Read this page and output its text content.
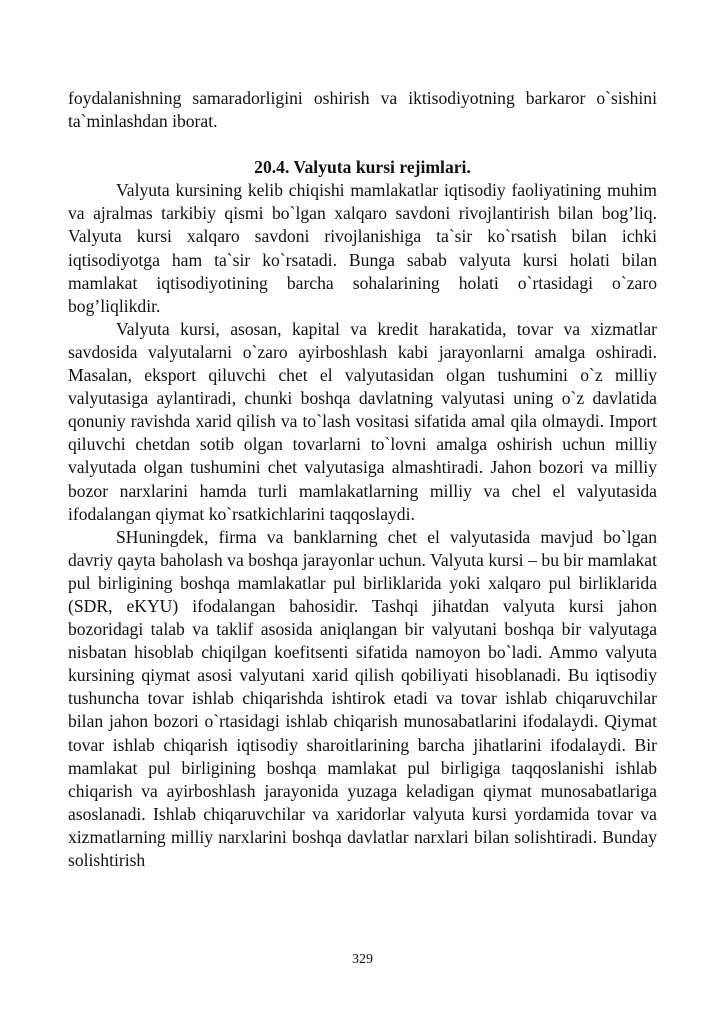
foydalanishning samaradorligini oshirish va iktisodiyotning barkaror o`sishini ta`minlashdan iborat.

20.4. Valyuta kursi rejimlari.

Valyuta kursining kelib chiqishi mamlakatlar iqtisodiy faoliyatining muhim va ajralmas tarkibiy qismi bo`lgan xalqaro savdoni rivojlantirish bilan bog’liq. Valyuta kursi xalqaro savdoni rivojlanishiga ta`sir ko`rsatish bilan ichki iqtisodiyotga ham ta`sir ko`rsatadi. Bunga sabab valyuta kursi holati bilan mamlakat iqtisodiyotining barcha sohalarining holati o`rtasidagi o`zaro bog’liqlikdir.

Valyuta kursi, asosan, kapital va kredit harakatida, tovar va xizmatlar savdosida valyutalarni o`zaro ayirboshlash kabi jarayonlarni amalga oshiradi. Masalan, eksport qiluvchi chet el valyutasidan olgan tushumini o`z milliy valyutasiga aylantiradi, chunki boshqa davlatning valyutasi uning o`z davlatida qonuniy ravishda xarid qilish va to`lash vositasi sifatida amal qila olmaydi. Import qiluvchi chetdan sotib olgan tovarlarni to`lovni amalga oshirish uchun milliy valyutada olgan tushumini chet valyutasiga almashtiradi. Jahon bozori va milliy bozor narxlarini hamda turli mamlakatlarning milliy va chel el valyutasida ifodalangan qiymat ko`rsatkichlarini taqqoslaydi.

SHuningdek, firma va banklarning chet el valyutasida mavjud bo`lgan davriy qayta baholash va boshqa jarayonlar uchun. Valyuta kursi – bu bir mamlakat pul birligining boshqa mamlakatlar pul birliklarida yoki xalqaro pul birliklarida (SDR, eKYU) ifodalangan bahosidir. Tashqi jihatdan valyuta kursi jahon bozoridagi talab va taklif asosida aniqlangan bir valyutani boshqa bir valyutaga nisbatan hisoblab chiqilgan koefitsenti sifatida namoyon bo`ladi. Ammo valyuta kursining qiymat asosi valyutani xarid qilish qobiliyati hisoblanadi. Bu iqtisodiy tushuncha tovar ishlab chiqarishda ishtirok etadi va tovar ishlab chiqaruvchilar bilan jahon bozori o`rtasidagi ishlab chiqarish munosabatlarini ifodalaydi. Qiymat tovar ishlab chiqarish iqtisodiy sharoitlarining barcha jihatlarini ifodalaydi. Bir mamlakat pul birligining boshqa mamlakat pul birligiga taqqoslanishi ishlab chiqarish va ayirboshlash jarayonida yuzaga keladigan qiymat munosabatlariga asoslanadi. Ishlab chiqaruvchilar va xaridorlar valyuta kursi yordamida tovar va xizmatlarning milliy narxlarini boshqa davlatlar narxlari bilan solishtiradi. Bunday solishtirish

329
